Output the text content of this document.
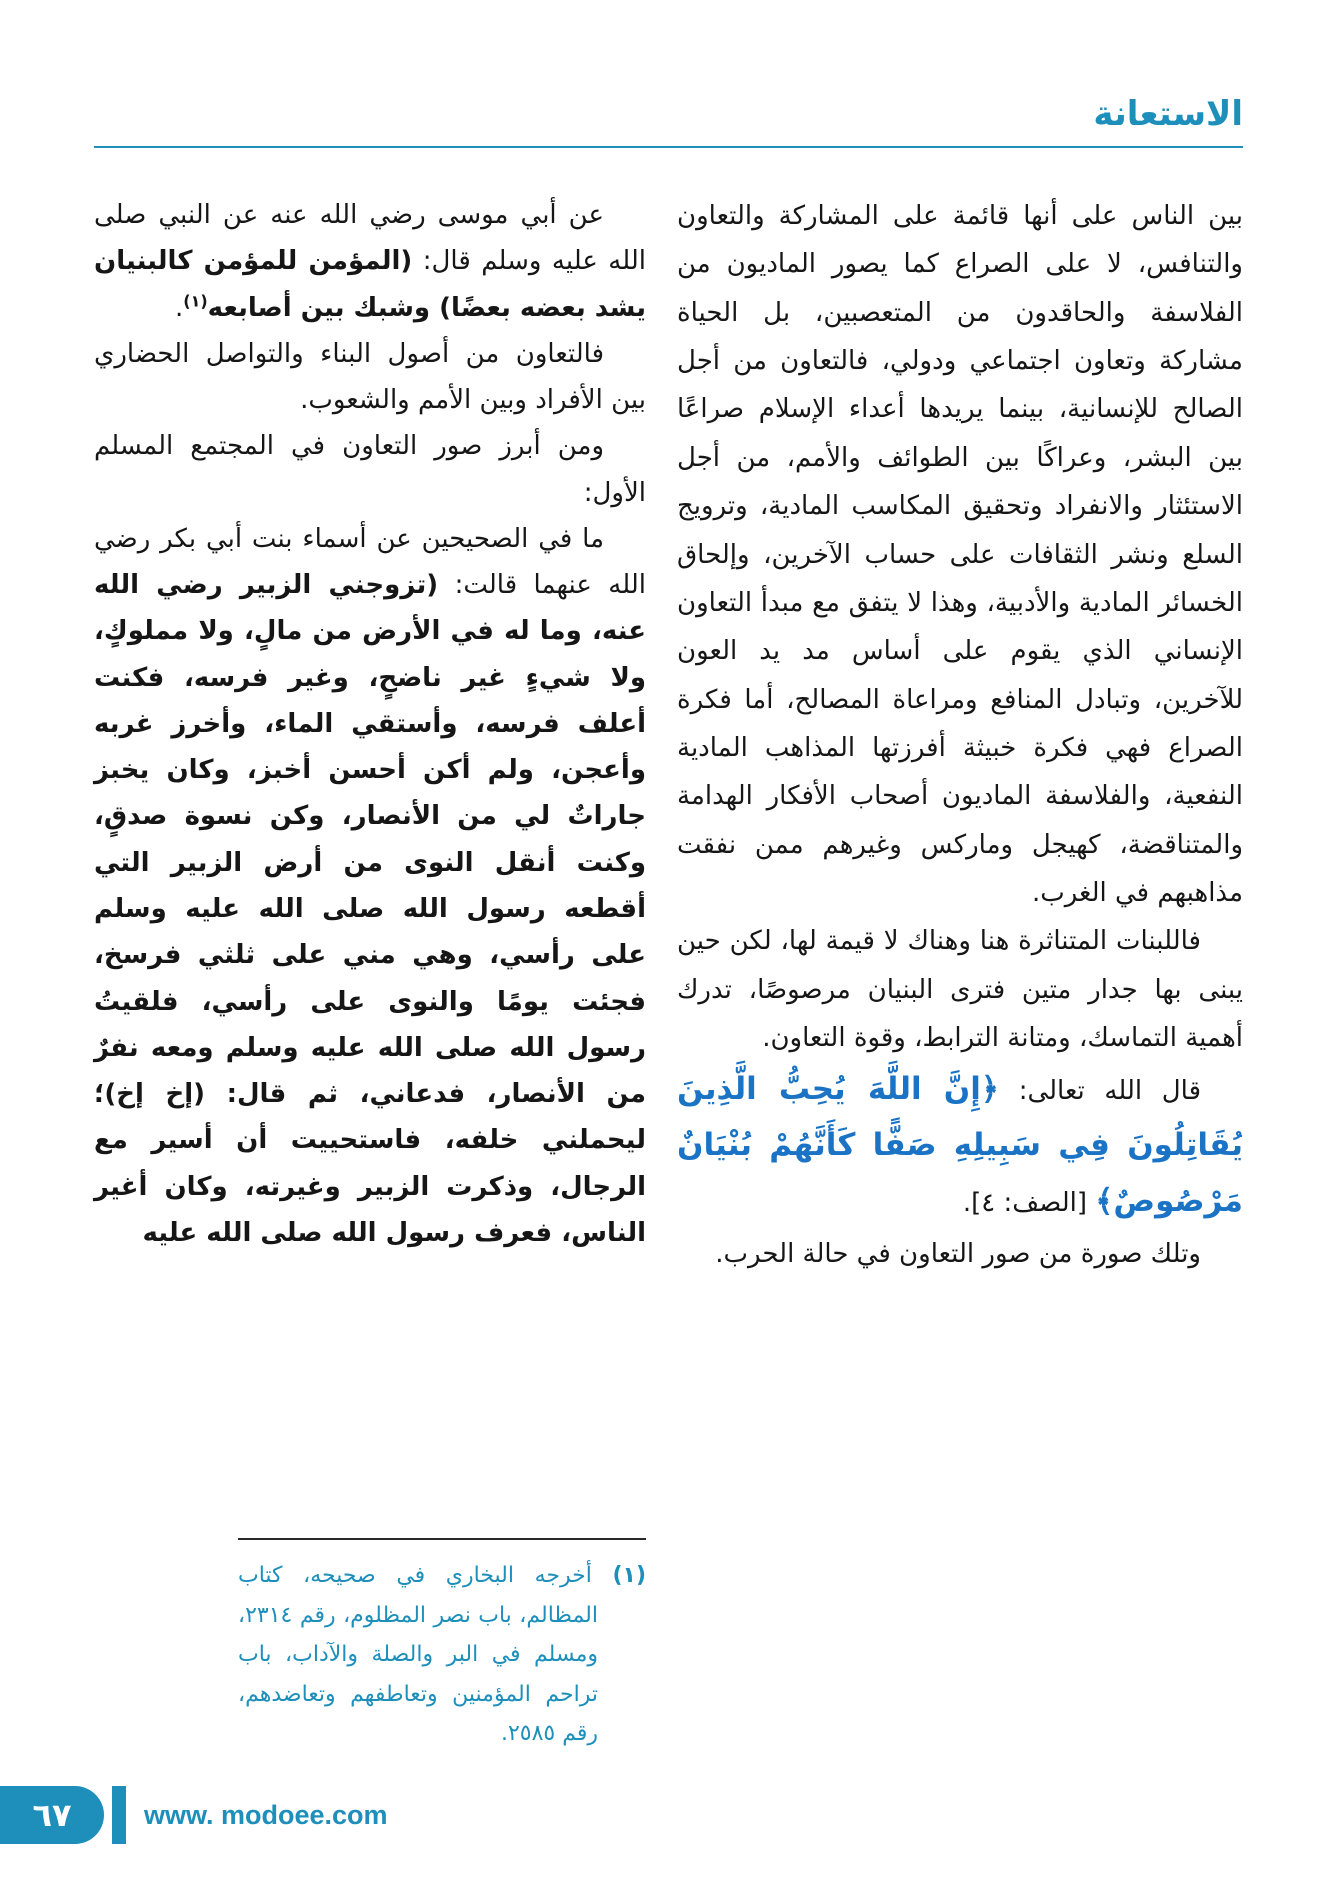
الاستعانة

بين الناس على أنها قائمة على المشاركة والتعاون والتنافس، لا على الصراع كما يصور الماديون من الفلاسفة والحاقدون من المتعصبين، بل الحياة مشاركة وتعاون اجتماعي ودولي، فالتعاون من أجل الصالح للإنسانية، بينما يريدها أعداء الإسلام صراعًا بين البشر، وعراكًا بين الطوائف والأمم، من أجل الاستئثار والانفراد وتحقيق المكاسب المادية، وترويج السلع ونشر الثقافات على حساب الآخرين، وإلحاق الخسائر المادية والأدبية، وهذا لا يتفق مع مبدأ التعاون الإنساني الذي يقوم على أساس مد يد العون للآخرين، وتبادل المنافع ومراعاة المصالح، أما فكرة الصراع فهي فكرة خبيثة أفرزتها المذاهب المادية النفعية، والفلاسفة الماديون أصحاب الأفكار الهدامة والمتناقضة، كهيجل وماركس وغيرهم ممن نفقت مذاهبهم في الغرب.

فاللبنات المتناثرة هنا وهناك لا قيمة لها، لكن حين يبنى بها جدار متين فترى البنيان مرصوصًا، تدرك أهمية التماسك، ومتانة الترابط، وقوة التعاون.

قال الله تعالى: ﴿إِنَّ اللَّهَ يُحِبُّ الَّذِينَ يُقَاتِلُونَ فِي سَبِيلِهِ صَفًّا كَأَنَّهُمْ بُنْيَانٌ مَرْصُوصٌ﴾ [الصف: ٤].

وتلك صورة من صور التعاون في حالة الحرب.

عن أبي موسى رضي الله عنه عن النبي صلى الله عليه وسلم قال: (المؤمن للمؤمن كالبنيان يشد بعضه بعضًا) وشبك بين أصابعه$^{(١)}$.

فالتعاون من أصول البناء والتواصل الحضاري بين الأفراد وبين الأمم والشعوب.

ومن أبرز صور التعاون في المجتمع المسلم الأول:

ما في الصحيحين عن أسماء بنت أبي بكر رضي الله عنهما قالت: (تزوجني الزبير رضي الله عنه، وما له في الأرض من مالٍ، ولا مملوكٍ، ولا شيءٍ غير ناضحٍ، وغير فرسه، فكنت أعلف فرسه، وأستقي الماء، وأخرز غربه وأعجن، ولم أكن أحسن أخبز، وكان يخبز جاراتٌ لي من الأنصار، وكن نسوة صدقٍ، وكنت أنقل النوى من أرض الزبير التي أقطعه رسول الله صلى الله عليه وسلم على رأسي، وهي مني على ثلثي فرسخ، فجئت يومًا والنوى على رأسي، فلقيتُ رسول الله صلى الله عليه وسلم ومعه نفرٌ من الأنصار، فدعاني، ثم قال: (إخ إخ)؛ ليحملني خلفه، فاستحييت أن أسير مع الرجال، وذكرت الزبير وغيرته، وكان أغير الناس، فعرف رسول الله صلى الله عليه

(١) أخرجه البخاري في صحيحه، كتاب المظالم، باب نصر المظلوم، رقم ٢٣١٤، ومسلم في البر والصلة والآداب، باب تراحم المؤمنين وتعاطفهم وتعاضدهم، رقم ٢٥٨٥.

٦٧	www. modoee.com
